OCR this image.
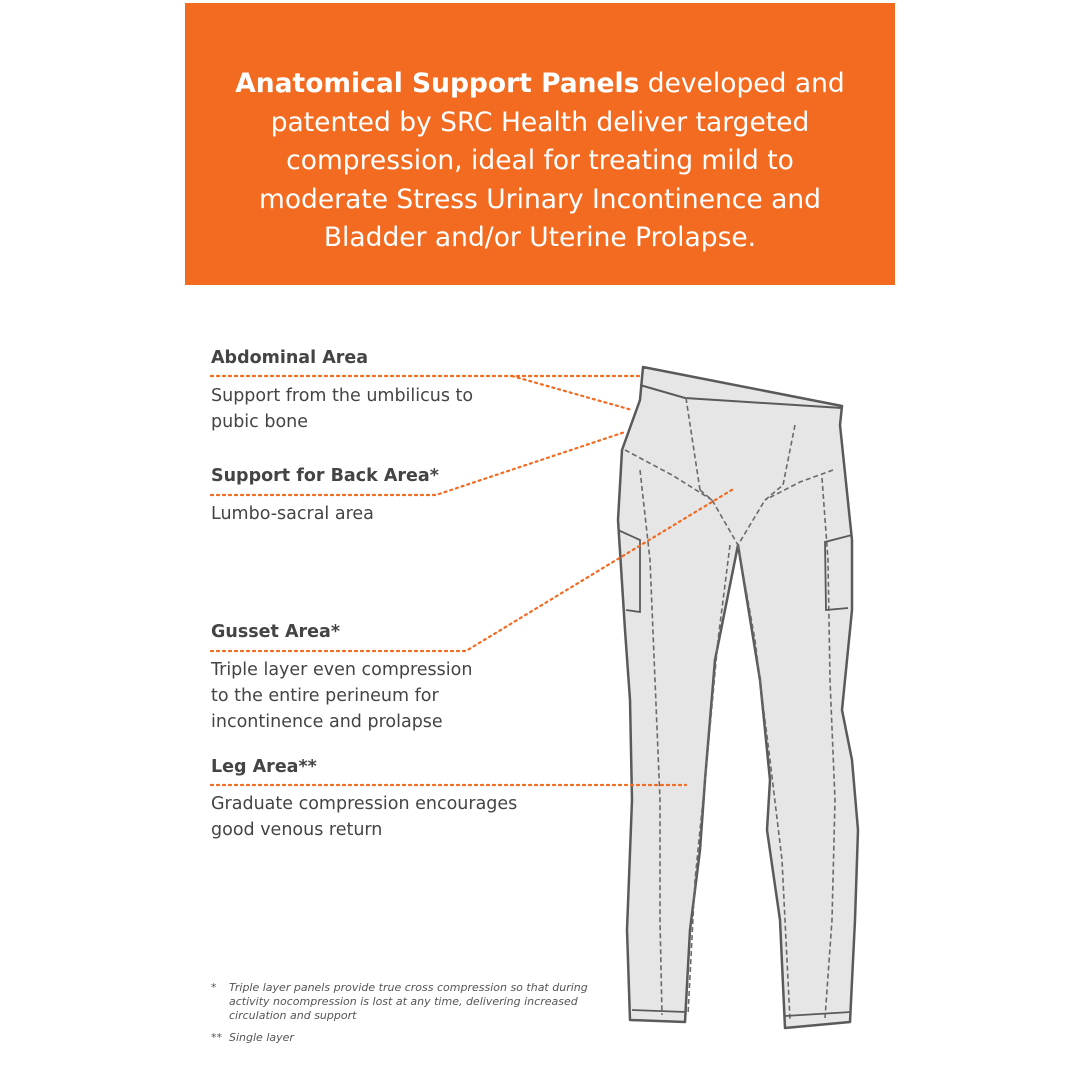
Anatomical Support Panels developed and
patented by SRC Health deliver targeted
compression, ideal for treating mild to
moderate Stress Urinary Incontinence and
Bladder and/or Uterine Prolapse.
Abdominal Area
Support from the umbilicus to
pubic bone
Support for Back Area*
Lumbo-sacral area
Gusset Area*
Triple layer even compression
to the entire perineum for
incontinence and prolapse
Leg Area**
Graduate compression encourages
good venous return
* Triple layer panels provide true cross compression so that during
activity nocompression is lost at any time, delivering increased
circulation and support
** Single layer
